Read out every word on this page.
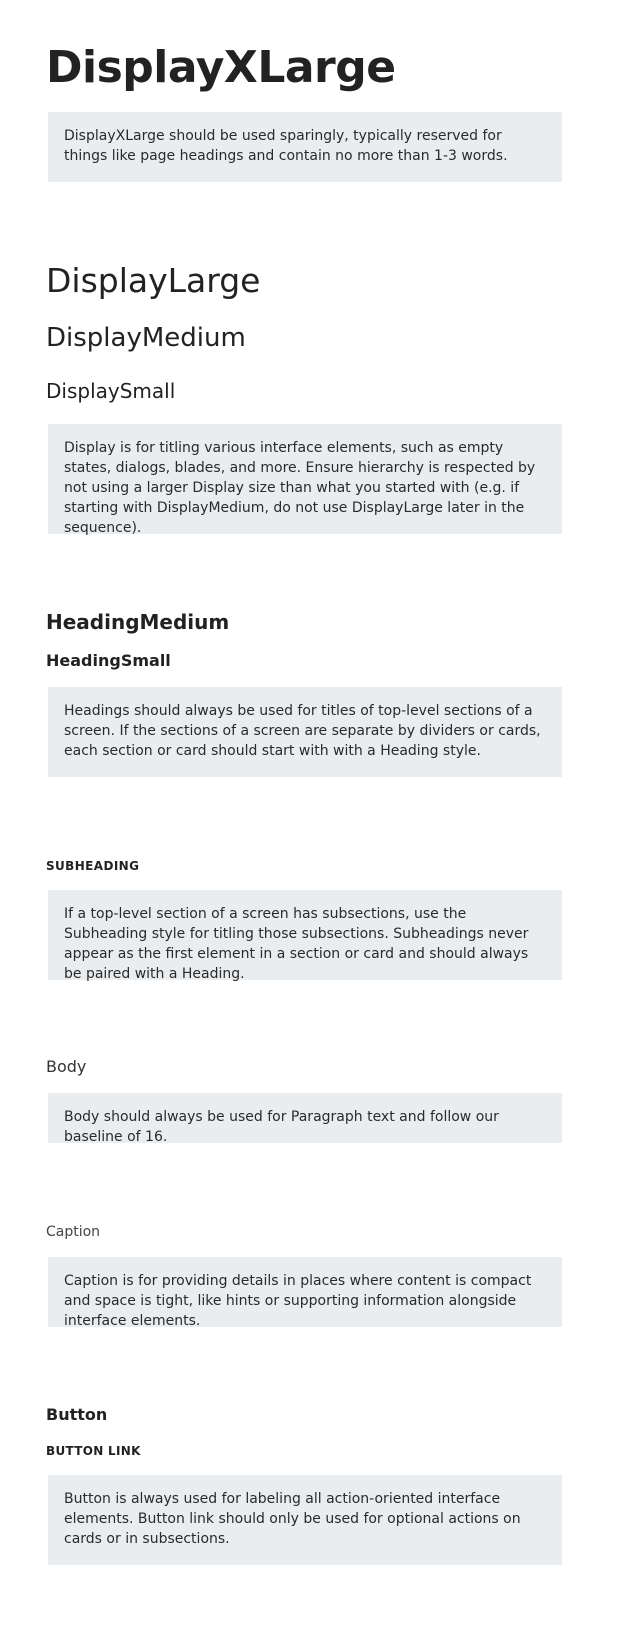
DisplayXLarge

DisplayXLarge should be used sparingly, typically reserved for things like page headings and contain no more than 1-3 words.

DisplayLarge
DisplayMedium
DisplaySmall

Display is for titling various interface elements, such as empty states, dialogs, blades, and more. Ensure hierarchy is respected by not using a larger Display size than what you started with (e.g. if starting with DisplayMedium, do not use DisplayLarge later in the sequence).

HeadingMedium
HeadingSmall

Headings should always be used for titles of top-level sections of a screen. If the sections of a screen are separate by dividers or cards, each section or card should start with with a Heading style.

SUBHEADING

If a top-level section of a screen has subsections, use the Subheading style for titling those subsections. Subheadings never appear as the first element in a section or card and should always be paired with a Heading.

Body

Body should always be used for Paragraph text and follow our baseline of 16.

Caption

Caption is for providing details in places where content is compact and space is tight, like hints or supporting information alongside interface elements.

Button
BUTTON LINK

Button is always used for labeling all action-oriented interface elements. Button link should only be used for optional actions on cards or in subsections.
